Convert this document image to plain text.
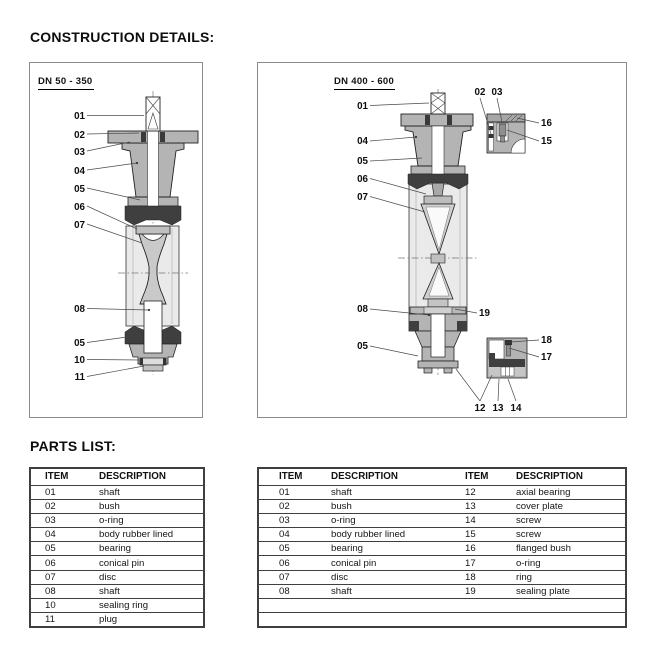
CONSTRUCTION DETAILS:
01
02
03
04
05
06
07
08
05
10
11
DN 50 - 350
01
04
05
06
07
08
05
02 03
12 13 14
16
15
19
18
17
DN 400 - 600
PARTS LIST:
ITEM	DESCRIPTION
01	shaft
02	bush
03	o-ring
04	body rubber lined
05	bearing
06	conical pin
07	disc
08	shaft
10	sealing ring
11	plug
ITEM	DESCRIPTION	ITEM	DESCRIPTION
01	shaft	12	axial bearing
02	bush	13	cover plate
03	o-ring	14	screw
04	body rubber lined	15	screw
05	bearing	16	flanged bush
06	conical pin	17	o-ring
07	disc	18	ring
08	shaft	19	sealing plate
